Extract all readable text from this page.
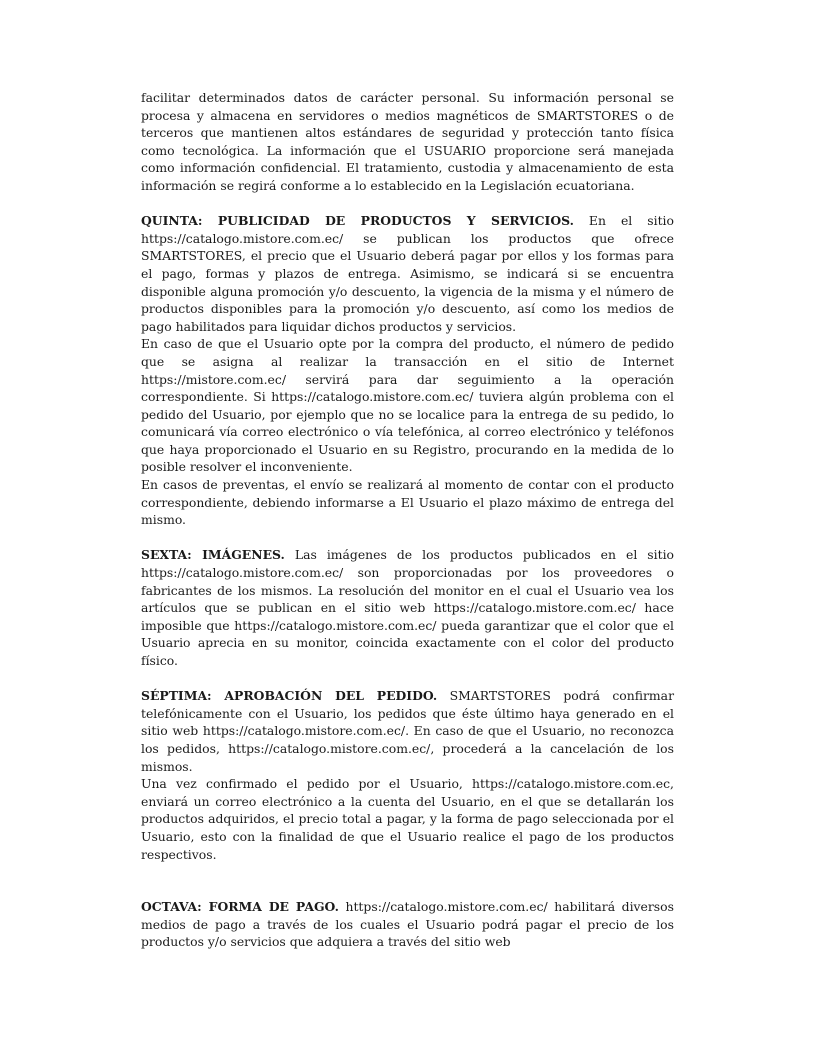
facilitar determinados datos de carácter personal. Su información personal se procesa y almacena en servidores o medios magnéticos de SMARTSTORES o de terceros que mantienen altos estándares de seguridad y protección tanto física como tecnológica. La información que el USUARIO proporcione será manejada como información confidencial. El tratamiento, custodia y almacenamiento de esta información se regirá conforme a lo establecido en la Legislación ecuatoriana.

QUINTA: PUBLICIDAD DE PRODUCTOS Y SERVICIOS. En el sitio https://catalogo.mistore.com.ec/ se publican los productos que ofrece SMARTSTORES, el precio que el Usuario deberá pagar por ellos y los formas para el pago, formas y plazos de entrega. Asimismo, se indicará si se encuentra disponible alguna promoción y/o descuento, la vigencia de la misma y el número de productos disponibles para la promoción y/o descuento, así como los medios de pago habilitados para liquidar dichos productos y servicios.

En caso de que el Usuario opte por la compra del producto, el número de pedido que se asigna al realizar la transacción en el sitio de Internet https://mistore.com.ec/ servirá para dar seguimiento a la operación correspondiente. Si https://catalogo.mistore.com.ec/ tuviera algún problema con el pedido del Usuario, por ejemplo que no se localice para la entrega de su pedido, lo comunicará vía correo electrónico o vía telefónica, al correo electrónico y teléfonos que haya proporcionado el Usuario en su Registro, procurando en la medida de lo posible resolver el inconveniente.

En casos de preventas, el envío se realizará al momento de contar con el producto correspondiente, debiendo informarse a El Usuario el plazo máximo de entrega del mismo.

SEXTA: IMÁGENES. Las imágenes de los productos publicados en el sitio https://catalogo.mistore.com.ec/ son proporcionadas por los proveedores o fabricantes de los mismos. La resolución del monitor en el cual el Usuario vea los artículos que se publican en el sitio web https://catalogo.mistore.com.ec/ hace imposible que https://catalogo.mistore.com.ec/ pueda garantizar que el color que el Usuario aprecia en su monitor, coincida exactamente con el color del producto físico.

SÉPTIMA: APROBACIÓN DEL PEDIDO. SMARTSTORES podrá confirmar telefónicamente con el Usuario, los pedidos que éste último haya generado en el sitio web https://catalogo.mistore.com.ec/. En caso de que el Usuario, no reconozca los pedidos, https://catalogo.mistore.com.ec/, procederá a la cancelación de los mismos.

Una vez confirmado el pedido por el Usuario, https://catalogo.mistore.com.ec, enviará un correo electrónico a la cuenta del Usuario, en el que se detallarán los productos adquiridos, el precio total a pagar, y la forma de pago seleccionada por el Usuario, esto con la finalidad de que el Usuario realice el pago de los productos respectivos.

OCTAVA: FORMA DE PAGO. https://catalogo.mistore.com.ec/ habilitará diversos medios de pago a través de los cuales el Usuario podrá pagar el precio de los productos y/o servicios que adquiera a través del sitio web
